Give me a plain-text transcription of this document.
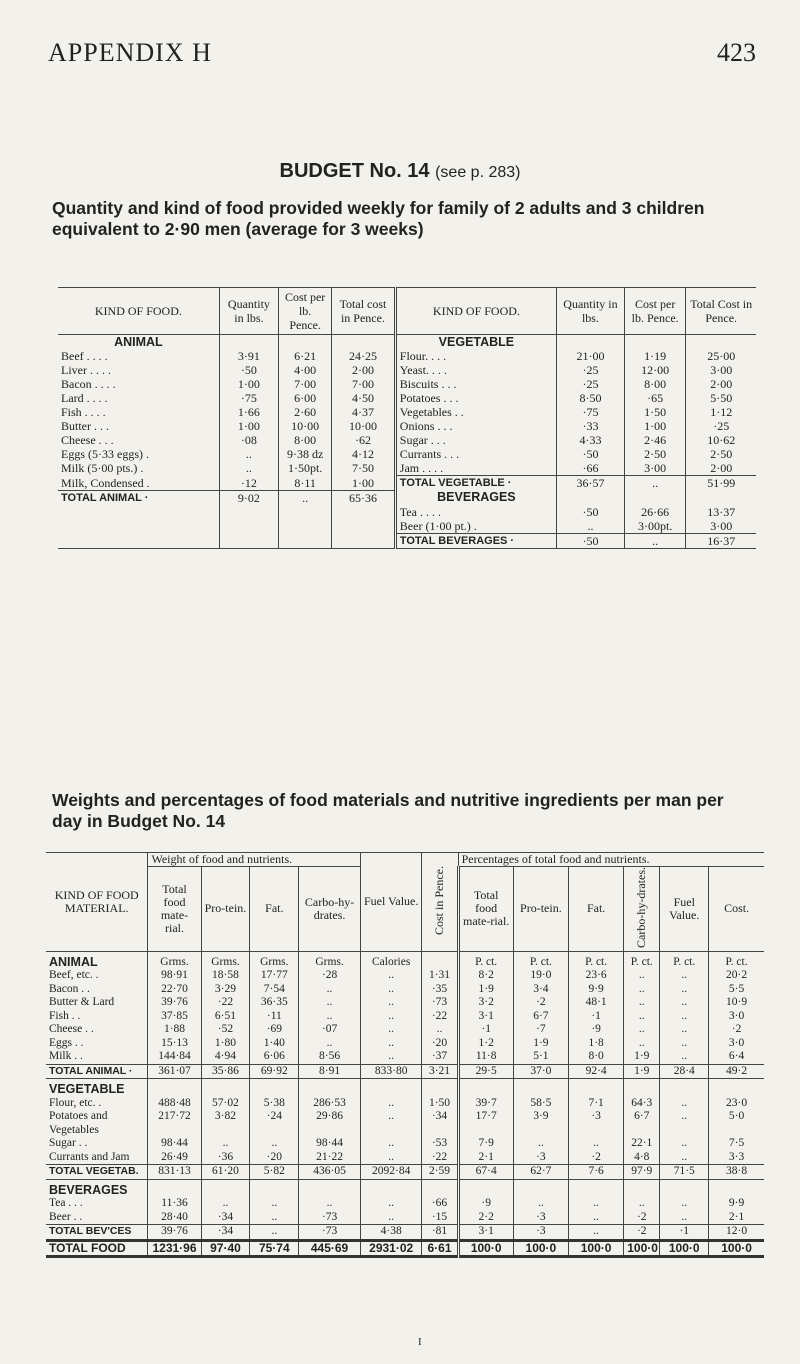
APPENDIX H	423
BUDGET No. 14 (see p. 283)
Quantity and kind of food provided weekly for family of 2 adults and 3 children equivalent to 2·90 men (average for 3 weeks)
KIND OF FOOD.	Quantity in lbs.	Cost per lb. Pence.	Total cost in Pence.	KIND OF FOOD.	Quantity in lbs.	Cost per lb. Pence.	Total Cost in Pence.
ANIMAL				VEGETABLE			
Beef . . . .	3·91	6·21	24·25	Flour. . . .	21·00	1·19	25·00
Liver . . . .	·50	4·00	2·00	Yeast. . . .	·25	12·00	3·00
Bacon . . . .	1·00	7·00	7·00	Biscuits . . .	·25	8·00	2·00
Lard . . . .	·75	6·00	4·50	Potatoes . . .	8·50	·65	5·50
Fish . . . .	1·66	2·60	4·37	Vegetables . .	·75	1·50	1·12
Butter . . .	1·00	10·00	10·00	Onions . . .	·33	1·00	·25
Cheese . . .	·08	8·00	·62	Sugar . . .	4·33	2·46	10·62
Eggs (5·33 eggs) .	..	9·38 dz	4·12	Currants . . .	·50	2·50	2·50
Milk (5·00 pts.) .	..	1·50pt.	7·50	Jam . . . .	·66	3·00	2·00
Milk, Condensed .	·12	8·11	1·00	TOTAL VEGETABLE ·	36·57	..	51·99
TOTAL ANIMAL ·	9·02	..	65·36	BEVERAGES			
				Tea . . . .	·50	26·66	13·37
				Beer (1·00 pt.) .	..	3·00pt.	3·00
				TOTAL BEVERAGES ·	·50	..	16·37
Weights and percentages of food materials and nutritive ingredients per man per day in Budget No. 14
KIND OF FOOD MATERIAL.	Weight of food and nutrients.				Fuel Value.	Cost in Pence.	Percentages of total food and nutrients.					
	Total food mate-rial.	Pro-tein.	Fat.	Carbo-hy-drates.			Total food mate-rial.	Pro-tein.	Fat.	Carbo-hy-drates.	Fuel Value.	Cost.
ANIMAL	Grms.	Grms.	Grms.	Grms.	Calories		P. ct.	P. ct.	P. ct.	P. ct.	P. ct.	P. ct.
Beef, etc. .	98·91	18·58	17·77	·28	..	1·31	8·2	19·0	23·6	..	..	20·2
Bacon . .	22·70	3·29	7·54	..	..	·35	1·9	3·4	9·9	..	..	5·5
Butter & Lard	39·76	·22	36·35	..	..	·73	3·2	·2	48·1	..	..	10·9
Fish . .	37·85	6·51	·11	..	..	·22	3·1	6·7	·1	..	..	3·0
Cheese . .	1·88	·52	·69	·07	..	..	·1	·7	·9	..	..	·2
Eggs . .	15·13	1·80	1·40	..	..	·20	1·2	1·9	1·8	..	..	3·0
Milk . .	144·84	4·94	6·06	8·56	..	·37	11·8	5·1	8·0	1·9	..	6·4
TOTAL ANIMAL ·	361·07	35·86	69·92	8·91	833·80	3·21	29·5	37·0	92·4	1·9	28·4	49·2
VEGETABLE												
Flour, etc. .	488·48	57·02	5·38	286·53	..	1·50	39·7	58·5	7·1	64·3	..	23·0
Potatoes and Vegetables	217·72	3·82	·24	29·86	..	·34	17·7	3·9	·3	6·7	..	5·0
Sugar . .	98·44	..	..	98·44	..	·53	7·9	..	..	22·1	..	7·5
Currants and Jam	26·49	·36	·20	21·22	..	·22	2·1	·3	·2	4·8	..	3·3
TOTAL VEGETAB.	831·13	61·20	5·82	436·05	2092·84	2·59	67·4	62·7	7·6	97·9	71·5	38·8
BEVERAGES												
Tea . . .	11·36	..	..	..	..	·66	·9	..	..	..	..	9·9
Beer . .	28·40	·34	..	·73	..	·15	2·2	·3	..	·2	..	2·1
TOTAL BEV'CES	39·76	·34	..	·73	4·38	·81	3·1	·3	..	·2	·1	12·0
TOTAL FOOD	1231·96	97·40	75·74	445·69	2931·02	6·61	100·0	100·0	100·0	100·0	100·0	100·0
I
